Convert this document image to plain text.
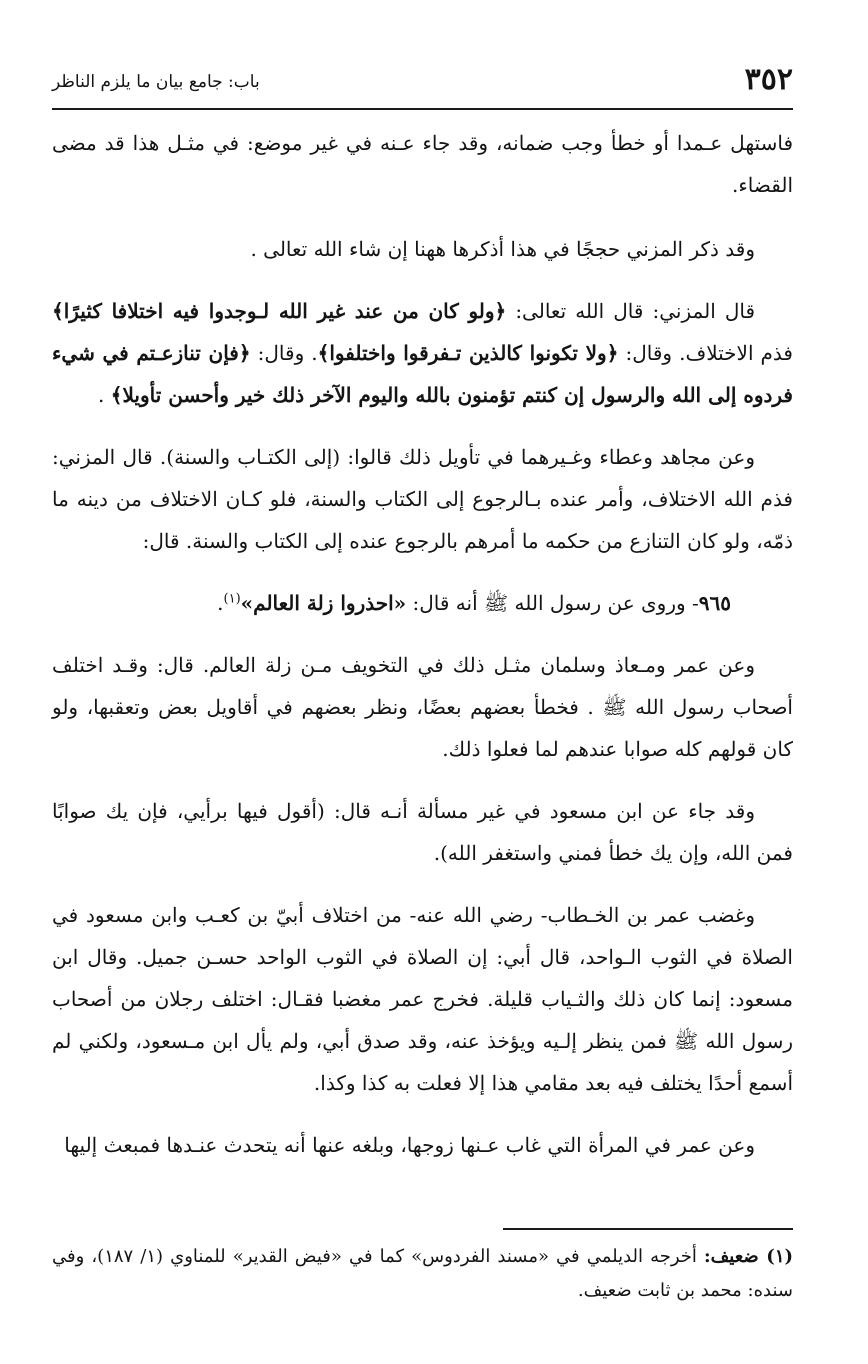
٣٥٢
باب: جامع بيان ما يلزم الناظر

فاستهل عـمدا أو خطأ وجب ضمانه، وقد جاء عـنه في غير موضع: في مثـل هذا قد مضى القضاء.

وقد ذكر المزني حججًا في هذا أذكرها ههنا إن شاء الله تعالى .

قال المزني: قال الله تعالى: ﴿ولو كان من عند غير الله لـوجدوا فيه اختلافا كثيرًا﴾ فذم الاختلاف. وقال: ﴿ولا تكونوا كالذين تـفرقوا واختلفوا﴾. وقال: ﴿فإن تنازعـتم في شيء فردوه إلى الله والرسول إن كنتم تؤمنون بالله واليوم الآخر ذلك خير وأحسن تأويلا﴾ .

وعن مجاهد وعطاء وغـيرهما في تأويل ذلك قالوا: (إلى الكتـاب والسنة). قال المزني: فذم الله الاختلاف، وأمر عنده بـالرجوع إلى الكتاب والسنة، فلو كـان الاختلاف من دينه ما ذمّه، ولو كان التنازع من حكمه ما أمرهم بالرجوع عنده إلى الكتاب والسنة. قال:

٩٦٥- وروى عن رسول الله ﷺ أنه قال: «احذروا زلة العالم»$^{(١)}$.

وعن عمر ومـعاذ وسلمان مثـل ذلك في التخويف مـن زلة العالم. قال: وقـد اختلف أصحاب رسول الله ﷺ . فخطأ بعضهم بعضًا، ونظر بعضهم في أقاويل بعض وتعقبها، ولو كان قولهم كله صوابا عندهم لما فعلوا ذلك.

وقد جاء عن ابن مسعود في غير مسألة أنـه قال: (أقول فيها برأيي، فإن يك صوابًا فمن الله، وإن يك خطأ فمني واستغفر الله).

وغضب عمر بن الخـطاب- رضي الله عنه- من اختلاف أبيّ بن كعـب وابن مسعود في الصلاة في الثوب الـواحد، قال أبي: إن الصلاة في الثوب الواحد حسـن جميل. وقال ابن مسعود: إنما كان ذلك والثـياب قليلة. فخرج عمر مغضبا فقـال: اختلف رجلان من أصحاب رسول الله ﷺ فمن ينظر إلـيه ويؤخذ عنه، وقد صدق أبي، ولم يأل ابن مـسعود، ولكني لم أسمع أحدًا يختلف فيه بعد مقامي هذا إلا فعلت به كذا وكذا.

وعن عمر في المرأة التي غاب عـنها زوجها، وبلغه عنها أنه يتحدث عنـدها فمبعث إليها

(١) ضعيف: أخرجه الديلمي في «مسند الفردوس» كما في «فيض القدير» للمناوي (١/ ١٨٧)، وفي سنده: محمد بن ثابت ضعيف.
